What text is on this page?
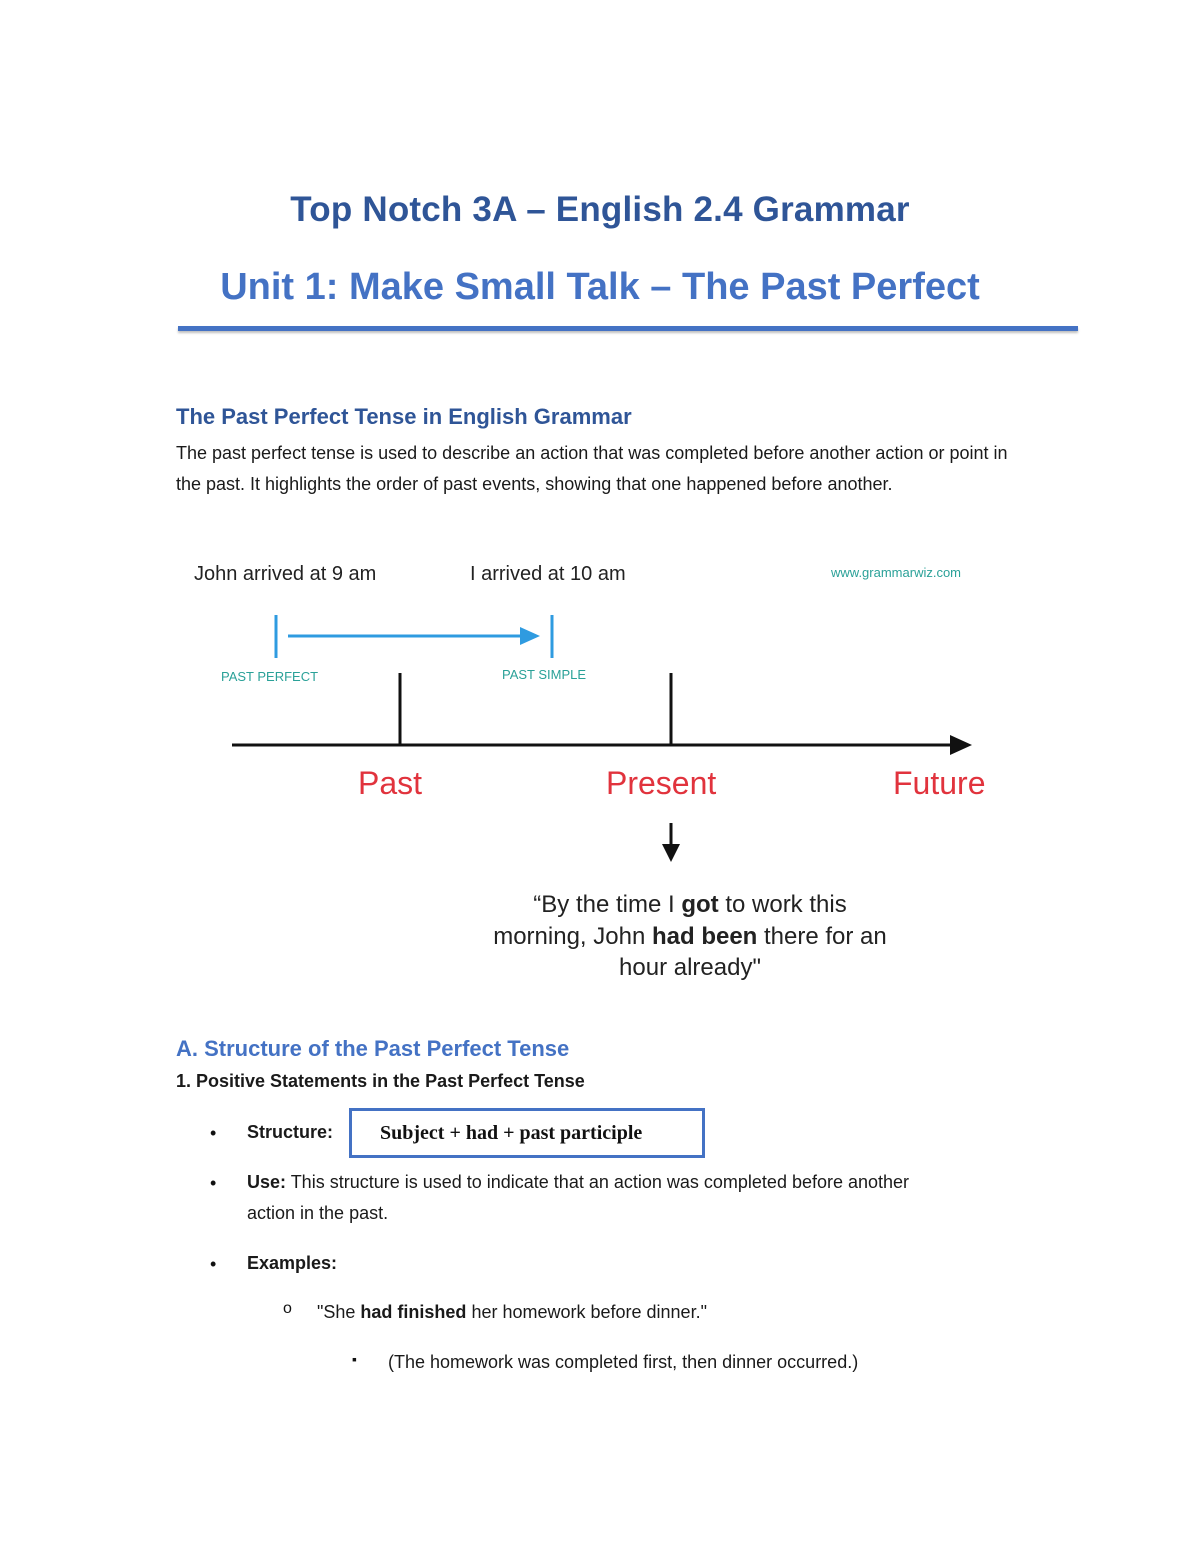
Top Notch 3A – English 2.4 Grammar
Unit 1: Make Small Talk – The Past Perfect
The Past Perfect Tense in English Grammar
The past perfect tense is used to describe an action that was completed before another action or point in the past. It highlights the order of past events, showing that one happened before another.
John arrived at 9 am	I arrived at 10 am	www.grammarwiz.com
PAST PERFECT	PAST SIMPLE
Past	Present	Future
“By the time I got to work this
morning, John had been there for an
hour already"
A. Structure of the Past Perfect Tense
1. Positive Statements in the Past Perfect Tense
• Structure:	Subject + had + past participle
• Use: This structure is used to indicate that an action was completed before another
action in the past.
• Examples:
o "She had finished her homework before dinner."
▪ (The homework was completed first, then dinner occurred.)
